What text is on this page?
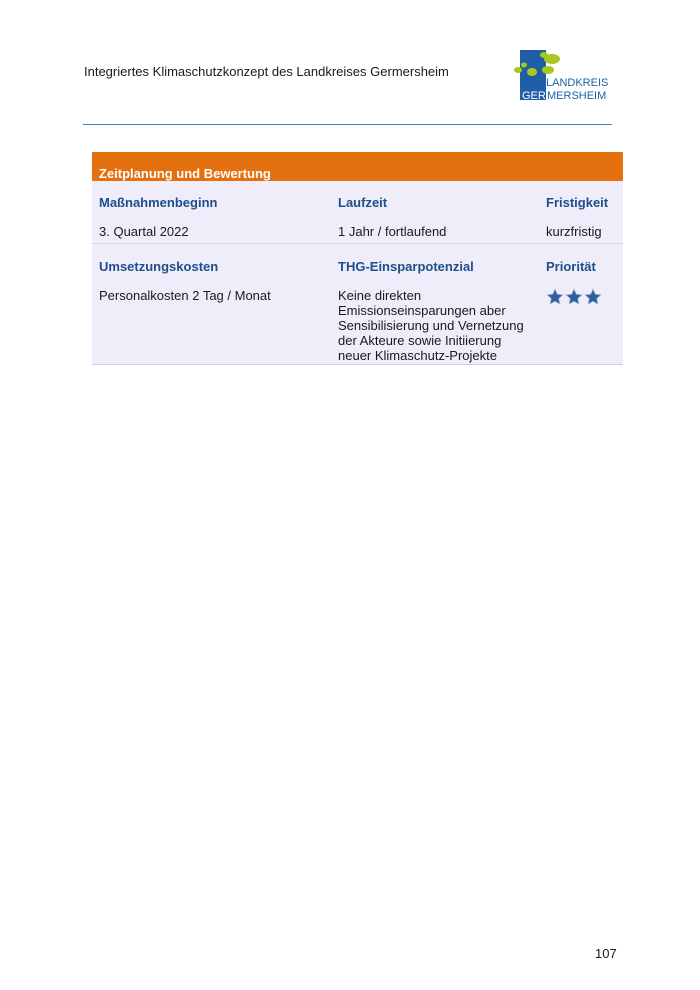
Integriertes Klimaschutzkonzept des Landkreises Germersheim
LANDKREIS
GER MERSHEIM
Zeitplanung und Bewertung
Maßnahmenbeginn	Laufzeit	Fristigkeit
3. Quartal 2022	1 Jahr / fortlaufend	kurzfristig
Umsetzungskosten	THG-Einsparpotenzial	Priorität
Personalkosten 2 Tag / Monat	Keine direkten
Emissionseinsparungen aber
Sensibilisierung und Vernetzung
der Akteure sowie Initiierung
neuer Klimaschutz-Projekte
107
